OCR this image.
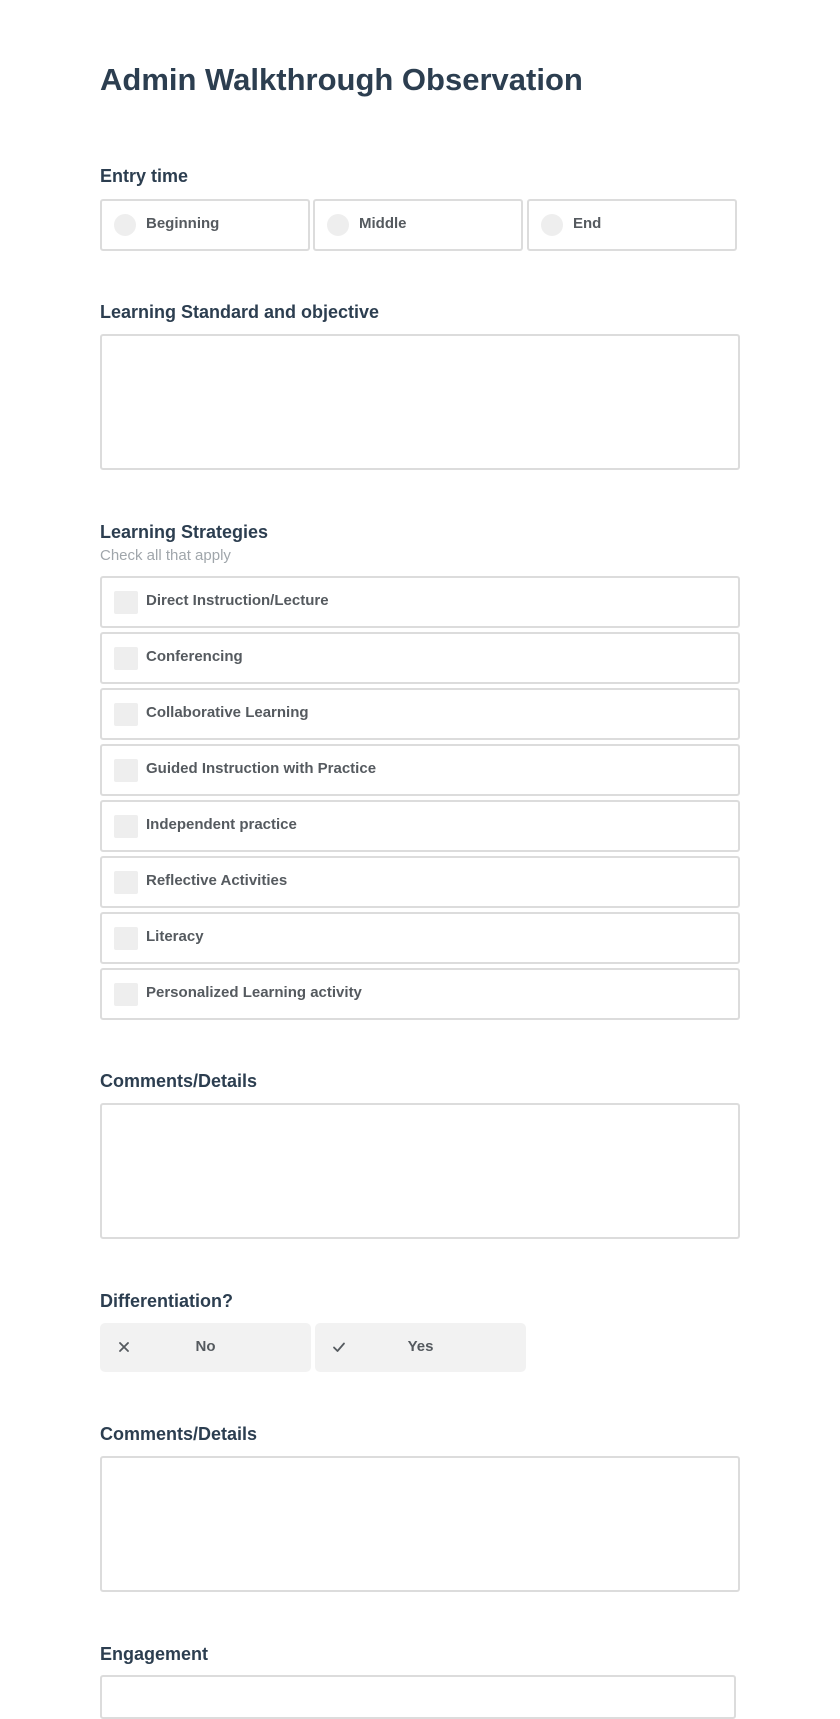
Admin Walkthrough Observation
Entry time
Beginning	Middle	End
Learning Standard and objective
Learning Strategies
Check all that apply
Direct Instruction/Lecture
Conferencing
Collaborative Learning
Guided Instruction with Practice
Independent practice
Reflective Activities
Literacy
Personalized Learning activity
Comments/Details
Differentiation?
No	Yes
Comments/Details
Engagement
